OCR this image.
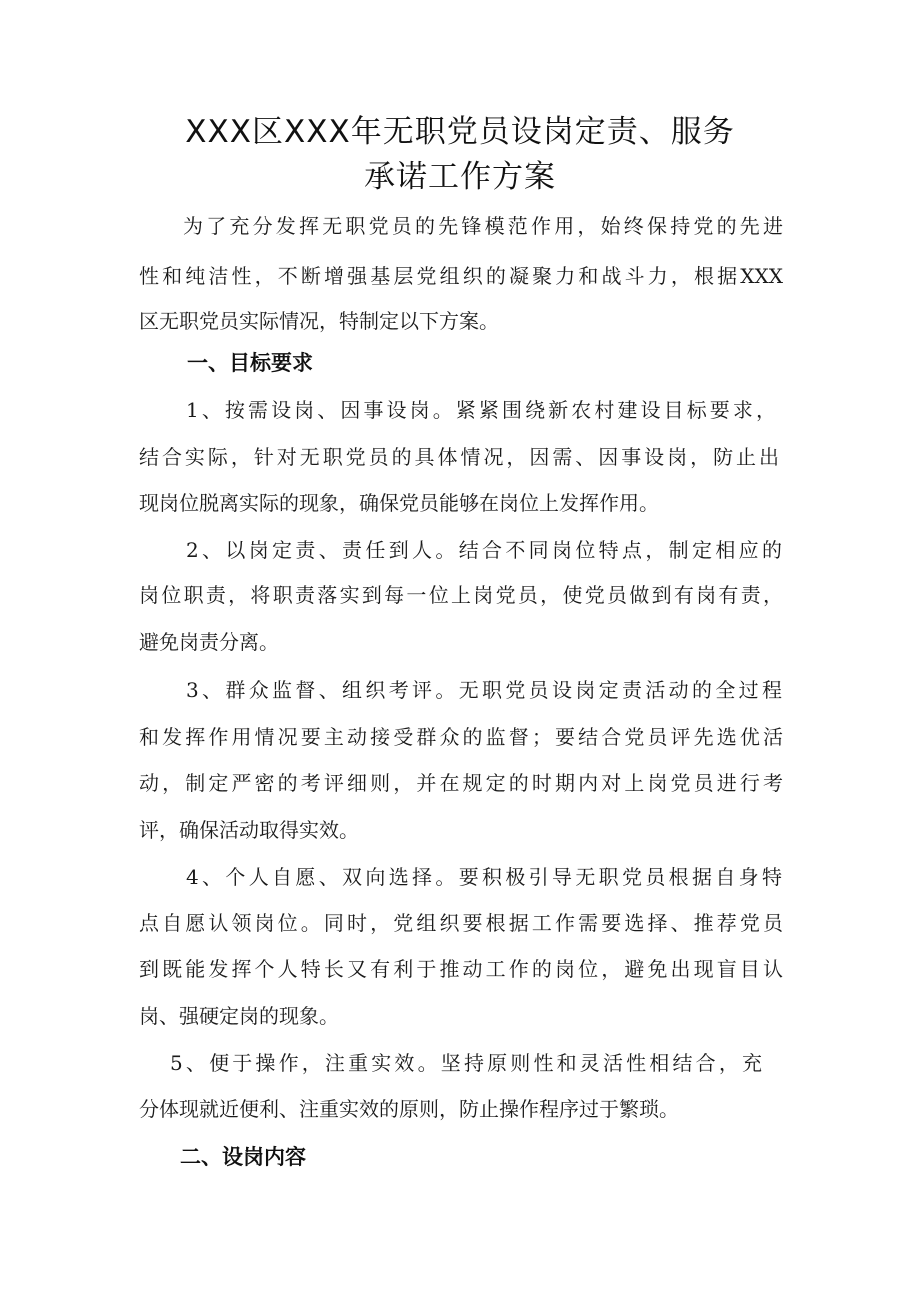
XXX区XXX年无职党员设岗定责、服务
承诺工作方案
为了充分发挥无职党员的先锋模范作用，始终保持党的先进
性和纯洁性，不断增强基层党组织的凝聚力和战斗力，根据XXX
区无职党员实际情况，特制定以下方案。
一、目标要求
1、按需设岗、因事设岗。紧紧围绕新农村建设目标要求，
结合实际，针对无职党员的具体情况，因需、因事设岗，防止出
现岗位脱离实际的现象，确保党员能够在岗位上发挥作用。
2、以岗定责、责任到人。结合不同岗位特点，制定相应的
岗位职责，将职责落实到每一位上岗党员，使党员做到有岗有责，
避免岗责分离。
3、群众监督、组织考评。无职党员设岗定责活动的全过程
和发挥作用情况要主动接受群众的监督；要结合党员评先选优活
动，制定严密的考评细则，并在规定的时期内对上岗党员进行考
评，确保活动取得实效。
4、个人自愿、双向选择。要积极引导无职党员根据自身特
点自愿认领岗位。同时，党组织要根据工作需要选择、推荐党员
到既能发挥个人特长又有利于推动工作的岗位，避免出现盲目认
岗、强硬定岗的现象。
5、便于操作，注重实效。坚持原则性和灵活性相结合，充
分体现就近便利、注重实效的原则，防止操作程序过于繁琐。
二、设岗内容
